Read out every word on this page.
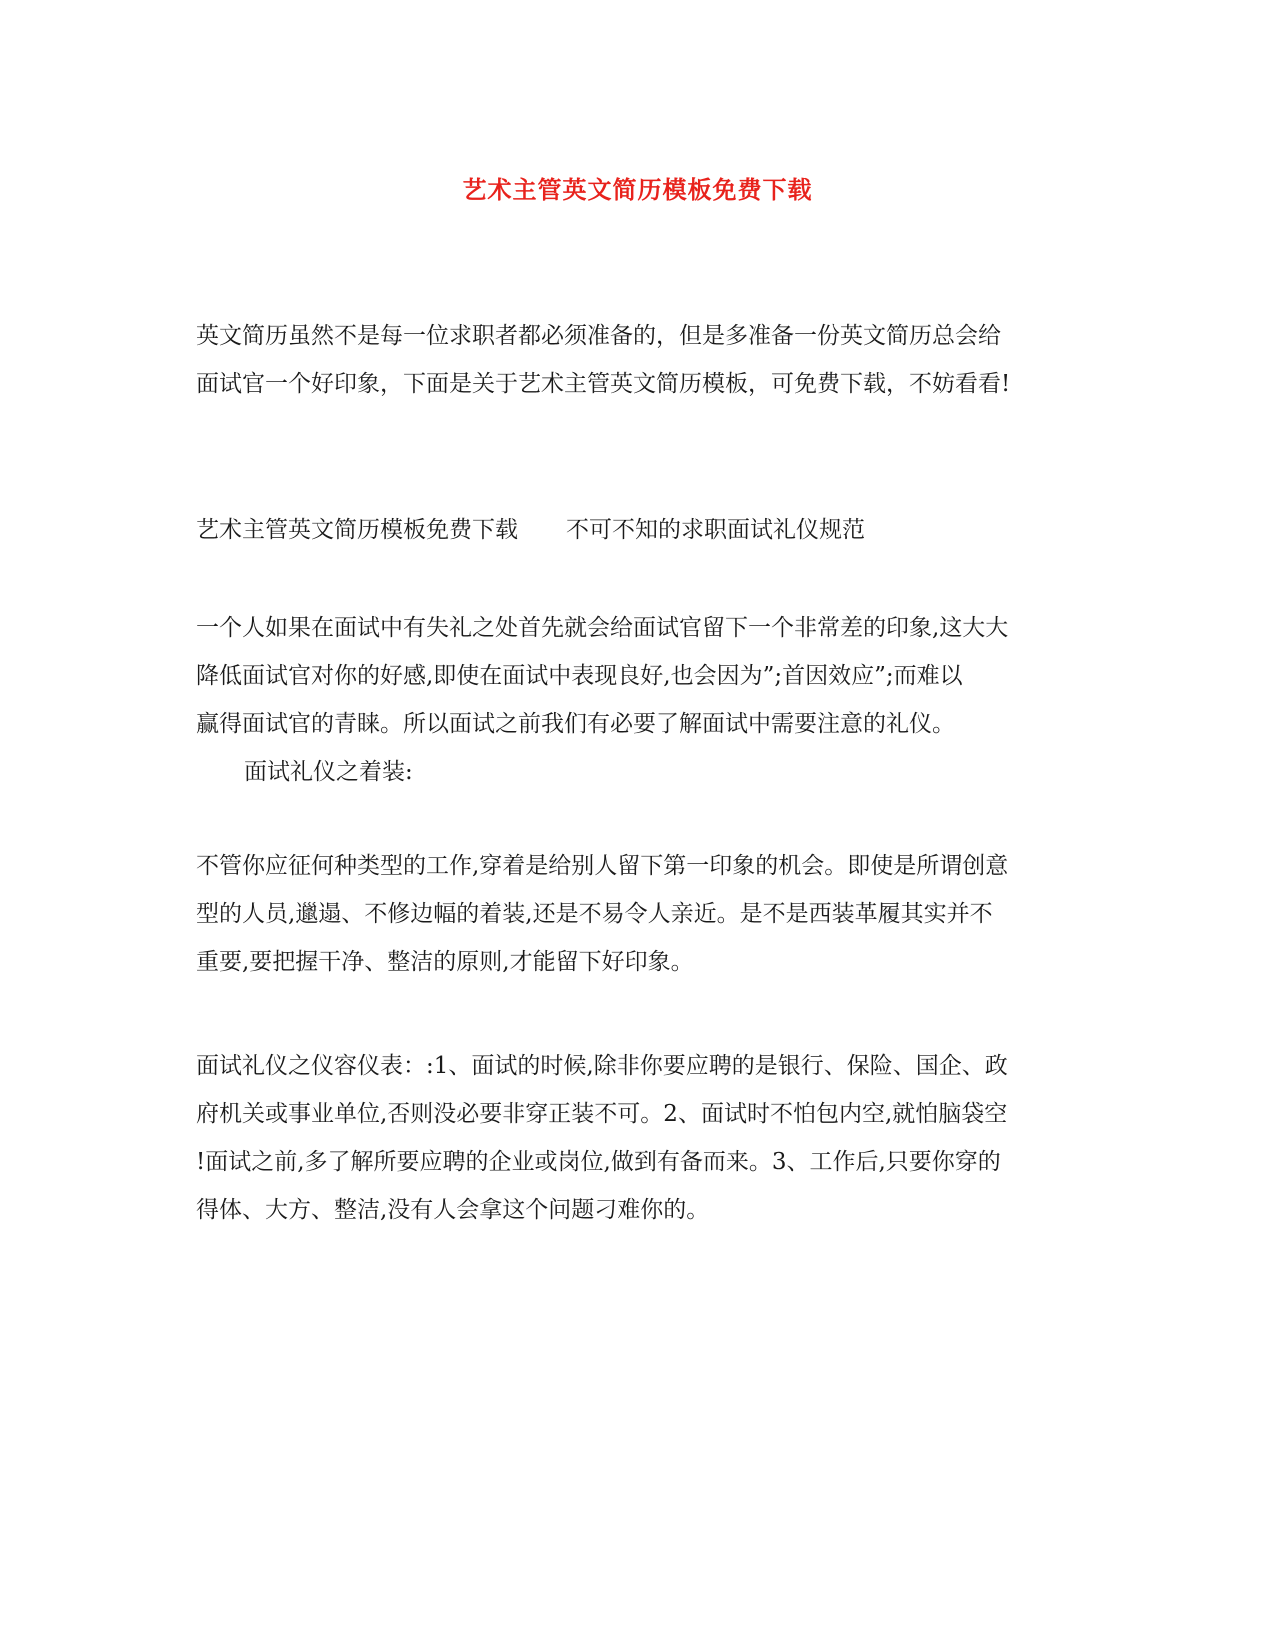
艺术主管英文简历模板免费下载

英文简历虽然不是每一位求职者都必须准备的，但是多准备一份英文简历总会给
面试官一个好印象，下面是关于艺术主管英文简历模板，可免费下载，不妨看看!

艺术主管英文简历模板免费下载 不可不知的求职面试礼仪规范

一个人如果在面试中有失礼之处首先就会给面试官留下一个非常差的印象,这大大
降低面试官对你的好感,即使在面试中表现良好,也会因为”;首因效应”;而难以
赢得面试官的青睐。所以面试之前我们有必要了解面试中需要注意的礼仪。

面试礼仪之着装:

不管你应征何种类型的工作,穿着是给别人留下第一印象的机会。即使是所谓创意
型的人员,邋遢、不修边幅的着装,还是不易令人亲近。是不是西装革履其实并不
重要,要把握干净、整洁的原则,才能留下好印象。

面试礼仪之仪容仪表：:1、面试的时候,除非你要应聘的是银行、保险、国企、政
府机关或事业单位,否则没必要非穿正装不可。2、面试时不怕包内空,就怕脑袋空
!面试之前,多了解所要应聘的企业或岗位,做到有备而来。3、工作后,只要你穿的
得体、大方、整洁,没有人会拿这个问题刁难你的。
